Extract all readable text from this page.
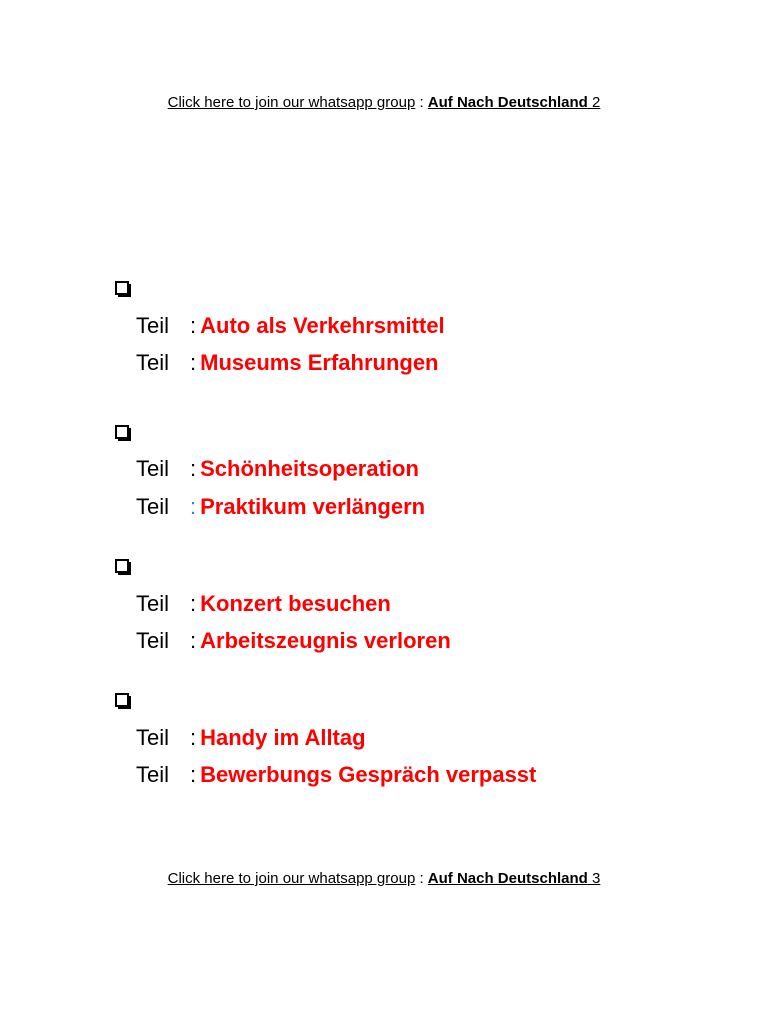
Click here to join our whatsapp group : Auf Nach Deutschland 2
Teil : Auto als Verkehrsmittel
Teil : Museums Erfahrungen
Teil : Schönheitsoperation
Teil : Praktikum verlängern
Teil : Konzert besuchen
Teil : Arbeitszeugnis verloren
Teil : Handy im Alltag
Teil : Bewerbungs Gespräch verpasst
Click here to join our whatsapp group : Auf Nach Deutschland 3
